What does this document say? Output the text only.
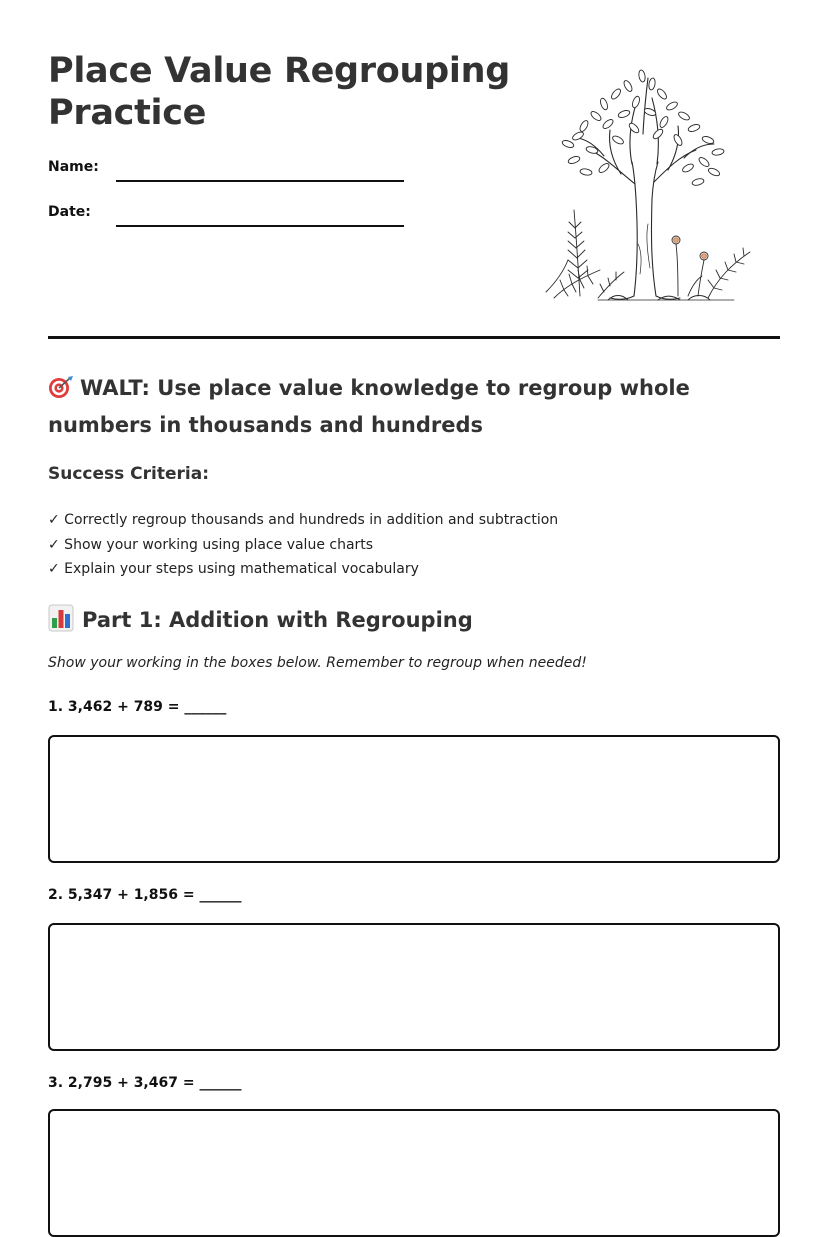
Place Value Regrouping Practice
Name:
Date:
WALT: Use place value knowledge to regroup whole numbers in thousands and hundreds
Success Criteria:
✓ Correctly regroup thousands and hundreds in addition and subtraction
✓ Show your working using place value charts
✓ Explain your steps using mathematical vocabulary
Part 1: Addition with Regrouping

Show your working in the boxes below. Remember to regroup when needed!

1. 3,462 + 789 = ______

2. 5,347 + 1,856 = ______

3. 2,795 + 3,467 = ______
